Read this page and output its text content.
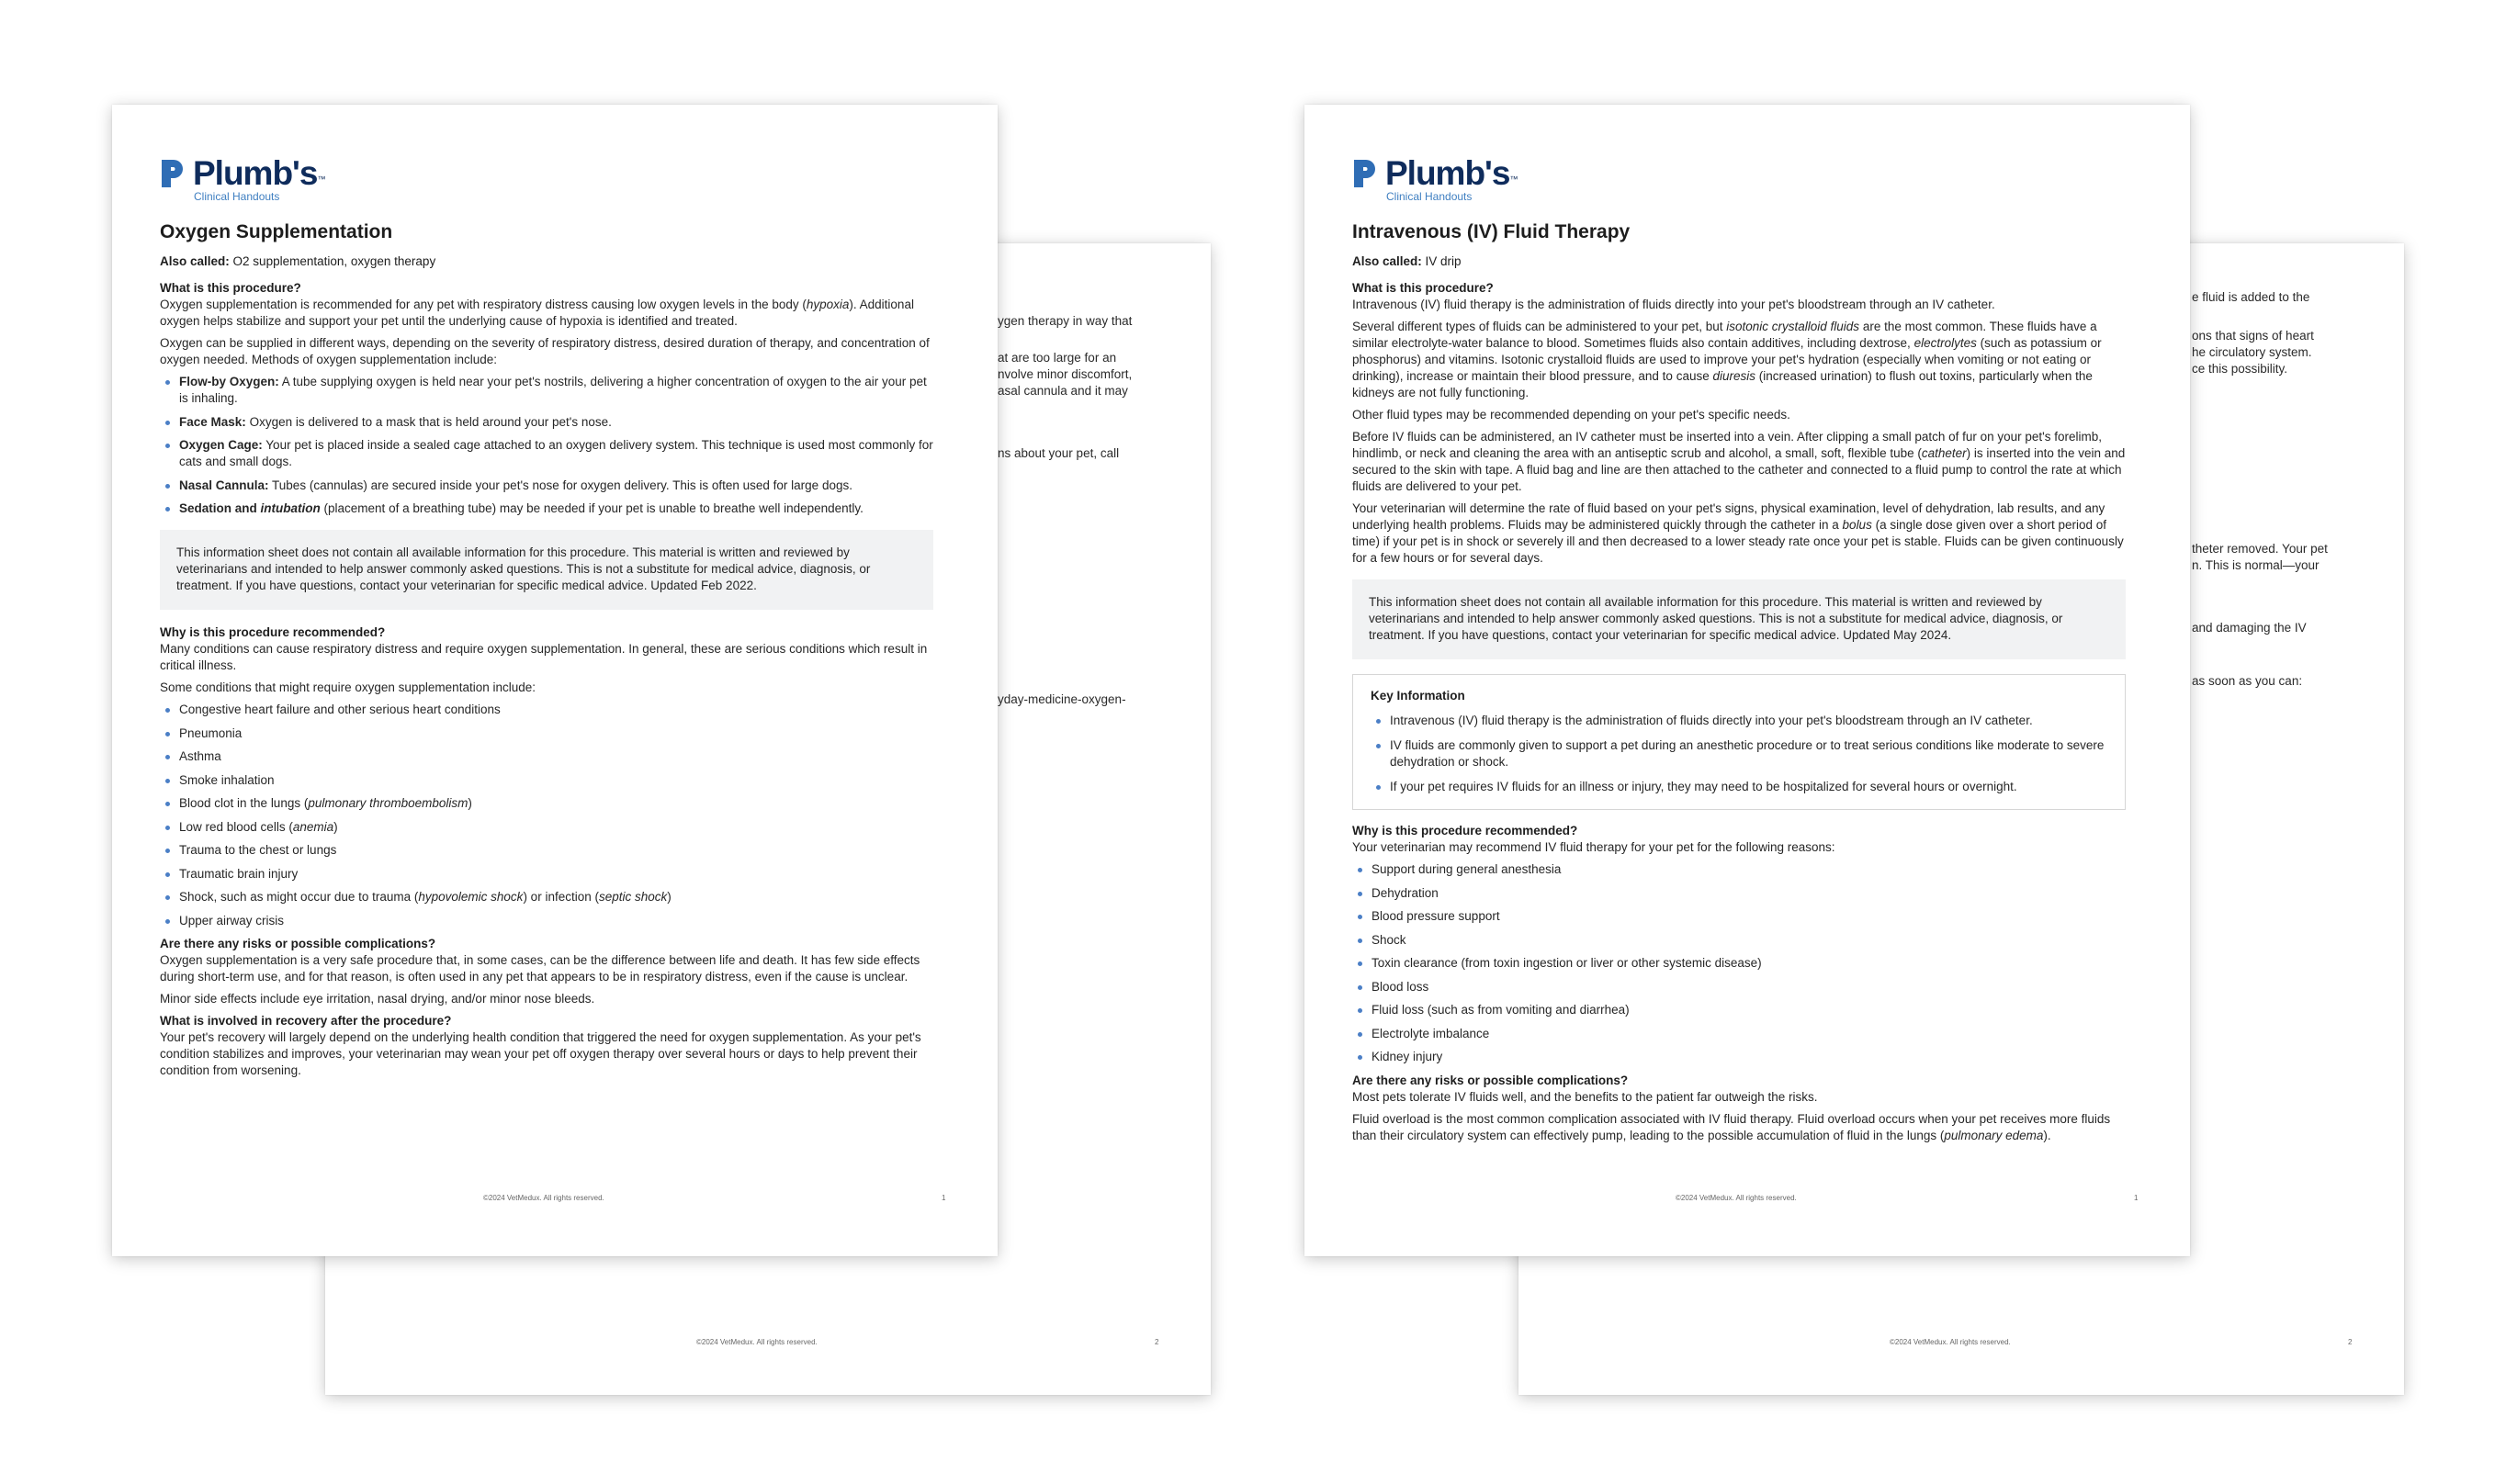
ygen therapy in way that
at are too large for an
nvolve minor discomfort,
asal cannula and it may
ns about your pet, call
yday-medicine-oxygen-
©2024 VetMedux. All rights reserved.	2
Plumb's™
Clinical Handouts
Oxygen Supplementation
Also called: O2 supplementation, oxygen therapy
What is this procedure?

Oxygen supplementation is recommended for any pet with respiratory distress causing low oxygen levels in the body (hypoxia). Additional oxygen helps stabilize and support your pet until the underlying cause of hypoxia is identified and treated.

Oxygen can be supplied in different ways, depending on the severity of respiratory distress, desired duration of therapy, and concentration of oxygen needed. Methods of oxygen supplementation include:

Flow-by Oxygen: A tube supplying oxygen is held near your pet's nostrils, delivering a higher concentration of oxygen to the air your pet is inhaling.
Face Mask: Oxygen is delivered to a mask that is held around your pet's nose.
Oxygen Cage: Your pet is placed inside a sealed cage attached to an oxygen delivery system. This technique is used most commonly for cats and small dogs.
Nasal Cannula: Tubes (cannulas) are secured inside your pet's nose for oxygen delivery. This is often used for large dogs.
Sedation and intubation (placement of a breathing tube) may be needed if your pet is unable to breathe well independently.
This information sheet does not contain all available information for this procedure. This material is written and reviewed by veterinarians and intended to help answer commonly asked questions. This is not a substitute for medical advice, diagnosis, or treatment. If you have questions, contact your veterinarian for specific medical advice. Updated Feb 2022.
Why is this procedure recommended?

Many conditions can cause respiratory distress and require oxygen supplementation. In general, these are serious conditions which result in critical illness.

Some conditions that might require oxygen supplementation include:

Congestive heart failure and other serious heart conditions
Pneumonia
Asthma
Smoke inhalation
Blood clot in the lungs (pulmonary thromboembolism)
Low red blood cells (anemia)
Trauma to the chest or lungs
Traumatic brain injury
Shock, such as might occur due to trauma (hypovolemic shock) or infection (septic shock)
Upper airway crisis
Are there any risks or possible complications?

Oxygen supplementation is a very safe procedure that, in some cases, can be the difference between life and death. It has few side effects during short-term use, and for that reason, is often used in any pet that appears to be in respiratory distress, even if the cause is unclear.

Minor side effects include eye irritation, nasal drying, and/or minor nose bleeds.

What is involved in recovery after the procedure?

Your pet's recovery will largely depend on the underlying health condition that triggered the need for oxygen supplementation. As your pet's condition stabilizes and improves, your veterinarian may wean your pet off oxygen therapy over several hours or days to help prevent their condition from worsening.

©2024 VetMedux. All rights reserved.	1
e fluid is added to the
ons that signs of heart
he circulatory system.
ce this possibility.
theter removed. Your pet
n. This is normal—your
and damaging the IV
as soon as you can:
©2024 VetMedux. All rights reserved.	2
Plumb's™
Clinical Handouts
Intravenous (IV) Fluid Therapy
Also called: IV drip
What is this procedure?

Intravenous (IV) fluid therapy is the administration of fluids directly into your pet's bloodstream through an IV catheter.

Several different types of fluids can be administered to your pet, but isotonic crystalloid fluids are the most common. These fluids have a similar electrolyte-water balance to blood. Sometimes fluids also contain additives, including dextrose, electrolytes (such as potassium or phosphorus) and vitamins. Isotonic crystalloid fluids are used to improve your pet's hydration (especially when vomiting or not eating or drinking), increase or maintain their blood pressure, and to cause diuresis (increased urination) to flush out toxins, particularly when the kidneys are not fully functioning.

Other fluid types may be recommended depending on your pet's specific needs.

Before IV fluids can be administered, an IV catheter must be inserted into a vein. After clipping a small patch of fur on your pet's forelimb, hindlimb, or neck and cleaning the area with an antiseptic scrub and alcohol, a small, soft, flexible tube (catheter) is inserted into the vein and secured to the skin with tape. A fluid bag and line are then attached to the catheter and connected to a fluid pump to control the rate at which fluids are delivered to your pet.

Your veterinarian will determine the rate of fluid based on your pet's signs, physical examination, level of dehydration, lab results, and any underlying health problems. Fluids may be administered quickly through the catheter in a bolus (a single dose given over a short period of time) if your pet is in shock or severely ill and then decreased to a lower steady rate once your pet is stable. Fluids can be given continuously for a few hours or for several days.

This information sheet does not contain all available information for this procedure. This material is written and reviewed by veterinarians and intended to help answer commonly asked questions. This is not a substitute for medical advice, diagnosis, or treatment. If you have questions, contact your veterinarian for specific medical advice. Updated May 2024.
Key Information
Intravenous (IV) fluid therapy is the administration of fluids directly into your pet's bloodstream through an IV catheter.
IV fluids are commonly given to support a pet during an anesthetic procedure or to treat serious conditions like moderate to severe dehydration or shock.
If your pet requires IV fluids for an illness or injury, they may need to be hospitalized for several hours or overnight.
Why is this procedure recommended?

Your veterinarian may recommend IV fluid therapy for your pet for the following reasons:

Support during general anesthesia
Dehydration
Blood pressure support
Shock
Toxin clearance (from toxin ingestion or liver or other systemic disease)
Blood loss
Fluid loss (such as from vomiting and diarrhea)
Electrolyte imbalance
Kidney injury
Are there any risks or possible complications?

Most pets tolerate IV fluids well, and the benefits to the patient far outweigh the risks.

Fluid overload is the most common complication associated with IV fluid therapy. Fluid overload occurs when your pet receives more fluids than their circulatory system can effectively pump, leading to the possible accumulation of fluid in the lungs (pulmonary edema).

©2024 VetMedux. All rights reserved.	1
